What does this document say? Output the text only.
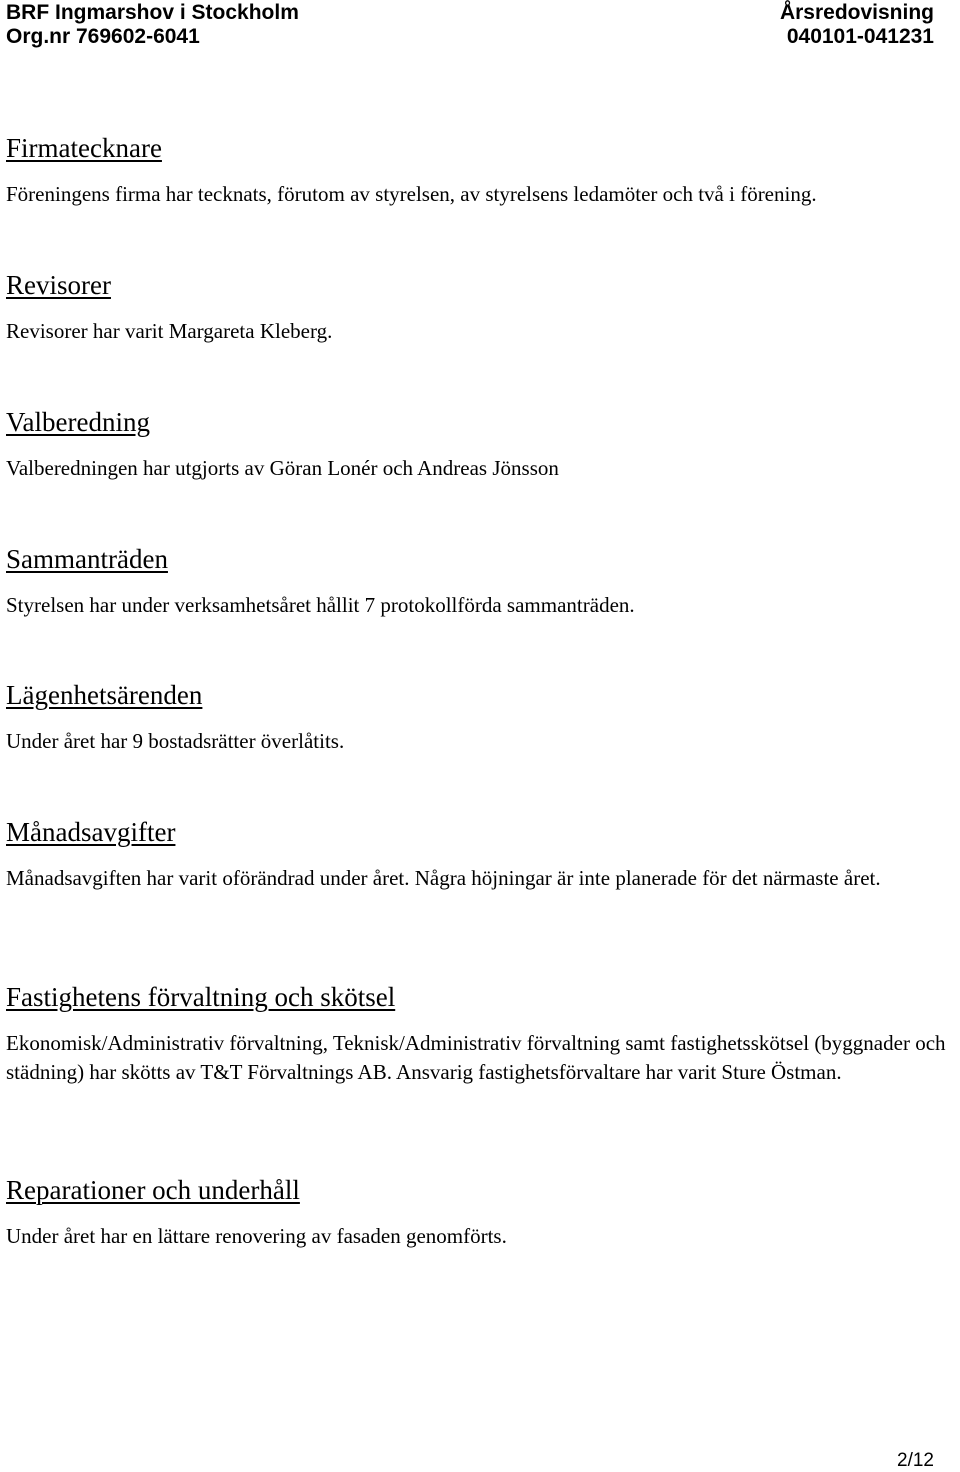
BRF Ingmarshov i Stockholm	Årsredovisning
Org.nr 769602-6041	040101-041231
Firmatecknare

Föreningens firma har tecknats, förutom av styrelsen, av styrelsens ledamöter och två i förening.

Revisorer

Revisorer har varit Margareta Kleberg.

Valberedning

Valberedningen har utgjorts av Göran Lonér och Andreas Jönsson

Sammanträden

Styrelsen har under verksamhetsåret hållit 7 protokollförda sammanträden.

Lägenhetsärenden

Under året har 9 bostadsrätter överlåtits.

Månadsavgifter

Månadsavgiften har varit oförändrad under året. Några höjningar är inte planerade för det närmaste året.

Fastighetens förvaltning och skötsel

Ekonomisk/Administrativ förvaltning, Teknisk/Administrativ förvaltning samt fastighetsskötsel (byggnader och städning) har skötts av T&T Förvaltnings AB. Ansvarig fastighetsförvaltare har varit Sture Östman.

Reparationer och underhåll

Under året har en lättare renovering av fasaden genomförts.

2/12
